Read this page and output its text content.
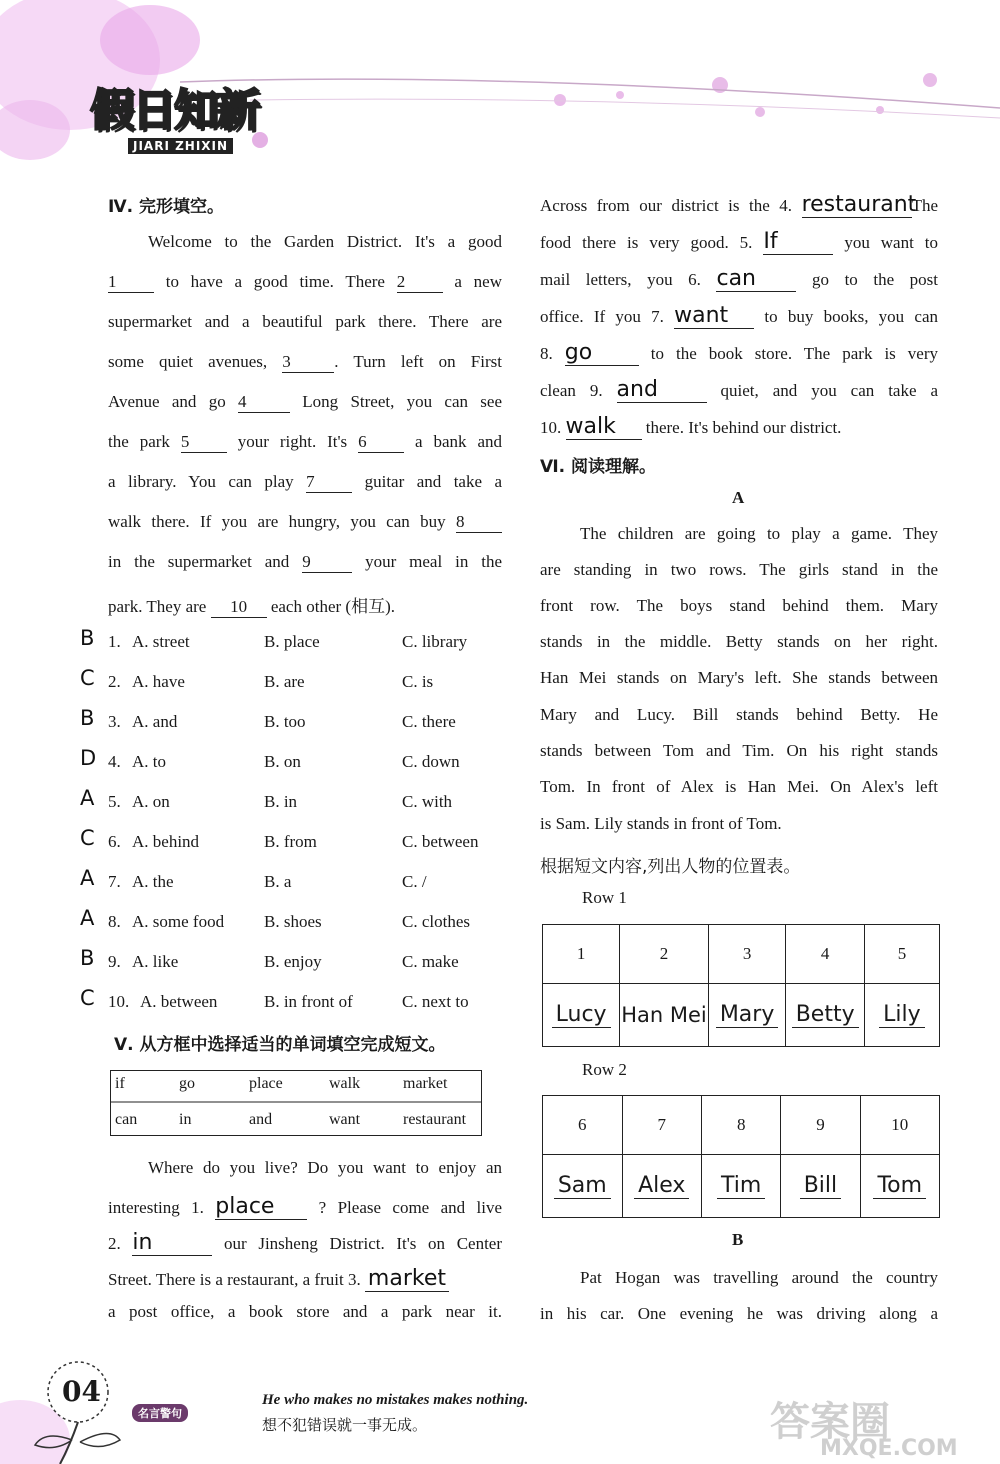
假日知新
JIARI ZHIXIN
Ⅳ. 完形填空。
Welcome to the Garden District. It's a good
1	to have a good time. There 2	a new
supermarket and a beautiful park there. There are
some quiet avenues, 3	. Turn left on First
Avenue and go 4	Long Street, you can see
the park 5	your right. It's 6	a bank and
a library. You can play 7	guitar and take a
walk there. If you are hungry, you can buy 8
in the supermarket and 9	your meal in the
park. They are 10 each other (相互).
B 1. A. street	B. place	C. library
C 2. A. have	B. are	C. is
B 3. A. and	B. too	C. there
D 4. A. to	B. on	C. down
A 5. A. on	B. in	C. with
C 6. A. behind	B. from	C. between
A 7. A. the	B. a	C. /
A 8. A. some food B. shoes	C. clothes
B 9. A. like	B. enjoy	C. make
C 10. A. between	B. in front of	C. next to
Ⅴ. 从方框中选择适当的单词填空完成短文。
if	go	place	walk	market
can	in	and	want	restaurant
Where do you live? Do you want to enjoy an
interesting 1. place	? Please come and live
2. in	our Jinsheng District. It's on Center
Street. There is a restaurant, a fruit 3. market
a post office, a book store and a park near it.
Across from our district is the 4. restaurantThe
food there is very good. 5. If	you want to
mail letters, you 6. can	go to the post
office. If you 7. want to buy books, you can
8. go	to the book store. The park is very
clean 9. and	quiet, and you can take a
10. walk there. It's behind our district.
Ⅵ. 阅读理解。
A
The children are going to play a game. They
are standing in two rows. The girls stand in the
front row. The boys stand behind them. Mary
stands in the middle. Betty stands on her right.
Han Mei stands on Mary's left. She stands between
Mary and Lucy. Bill stands behind Betty. He
stands between Tom and Tim. On his right stands
Tom. In front of Alex is Han Mei. On Alex's left
is Sam. Lily stands in front of Tom.
根据短文内容,列出人物的位置表。
Row 1
1	2	3	4	5
Lucy	Han Mei	Mary	Betty	Lily
Row 2
6	7	8	9	10
Sam	Alex	Tim	Bill	Tom
B
Pat Hogan was travelling around the country
in his car. One evening he was driving along a
04
名言警句
He who makes no mistakes makes nothing.
想不犯错误就一事无成。	答案圈
MXQE.COM
